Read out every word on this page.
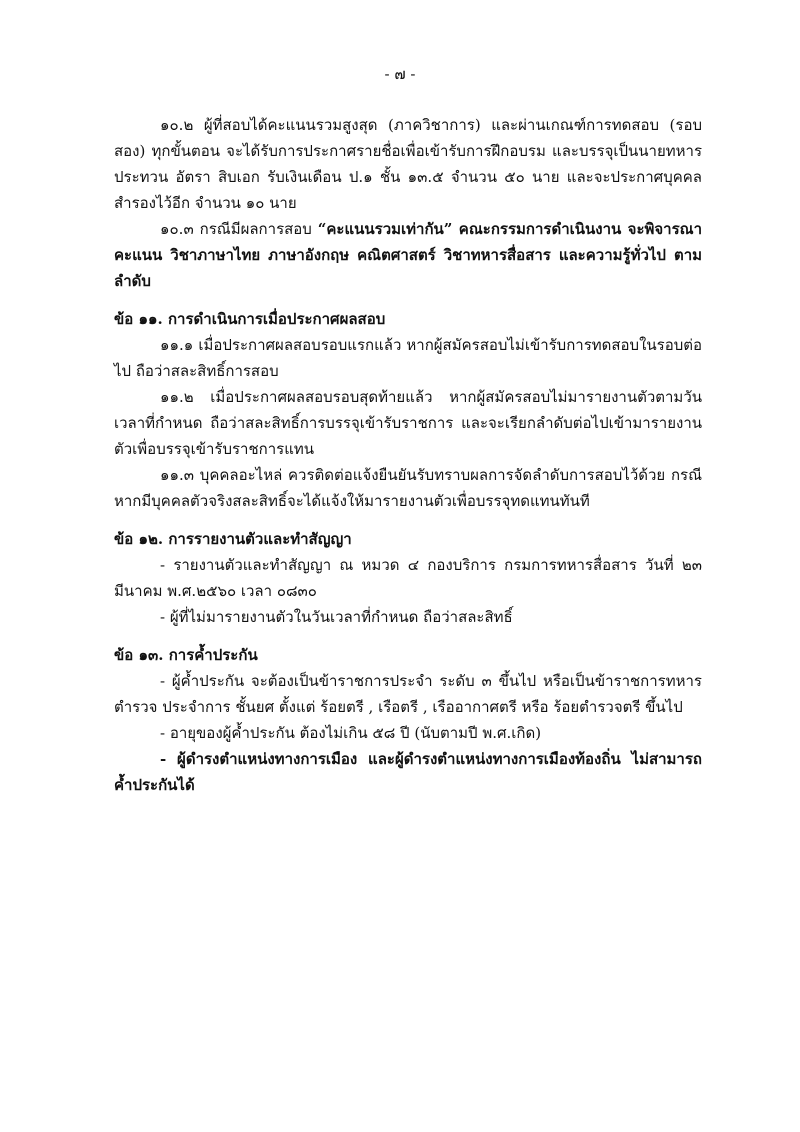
- ๗ -

๑๐.๒ ผู้ที่สอบได้คะแนนรวมสูงสุด (ภาควิชาการ) และผ่านเกณฑ์การทดสอบ (รอบสอง) ทุกขั้นตอน จะได้รับการประกาศรายชื่อเพื่อเข้ารับการฝึกอบรม และบรรจุเป็นนายทหารประทวน อัตรา สิบเอก รับเงินเดือน ป.๑ ชั้น ๑๓.๕ จำนวน ๕๐ นาย และจะประกาศบุคคลสำรองไว้อีก จำนวน ๑๐ นาย

๑๐.๓ กรณีมีผลการสอบ “คะแนนรวมเท่ากัน” คณะกรรมการดำเนินงาน จะพิจารณาคะแนน วิชาภาษาไทย ภาษาอังกฤษ คณิตศาสตร์ วิชาทหารสื่อสาร และความรู้ทั่วไป ตามลำดับ

ข้อ ๑๑. การดำเนินการเมื่อประกาศผลสอบ

๑๑.๑ เมื่อประกาศผลสอบรอบแรกแล้ว หากผู้สมัครสอบไม่เข้ารับการทดสอบในรอบต่อไป ถือว่าสละสิทธิ์การสอบ

๑๑.๒ เมื่อประกาศผลสอบรอบสุดท้ายแล้ว หากผู้สมัครสอบไม่มารายงานตัวตามวันเวลาที่กำหนด ถือว่าสละสิทธิ์การบรรจุเข้ารับราชการ และจะเรียกลำดับต่อไปเข้ามารายงานตัวเพื่อบรรจุเข้ารับราชการแทน

๑๑.๓ บุคคลอะไหล่ ควรติดต่อแจ้งยืนยันรับทราบผลการจัดลำดับการสอบไว้ด้วย กรณีหากมีบุคคลตัวจริงสละสิทธิ์จะได้แจ้งให้มารายงานตัวเพื่อบรรจุทดแทนทันที

ข้อ ๑๒. การรายงานตัวและทำสัญญา

- รายงานตัวและทำสัญญา ณ หมวด ๔ กองบริการ กรมการทหารสื่อสาร วันที่ ๒๓ มีนาคม พ.ศ.๒๕๖๐ เวลา ๐๘๓๐

- ผู้ที่ไม่มารายงานตัวในวันเวลาที่กำหนด ถือว่าสละสิทธิ์

ข้อ ๑๓. การค้ำประกัน

- ผู้ค้ำประกัน จะต้องเป็นข้าราชการประจำ ระดับ ๓ ขึ้นไป หรือเป็นข้าราชการทหาร ตำรวจ ประจำการ ชั้นยศ ตั้งแต่ ร้อยตรี , เรือตรี , เรืออากาศตรี หรือ ร้อยตำรวจตรี ขึ้นไป

- อายุของผู้ค้ำประกัน ต้องไม่เกิน ๕๘ ปี (นับตามปี พ.ศ.เกิด)

- ผู้ดำรงตำแหน่งทางการเมือง และผู้ดำรงตำแหน่งทางการเมืองท้องถิ่น ไม่สามารถค้ำประกันได้
